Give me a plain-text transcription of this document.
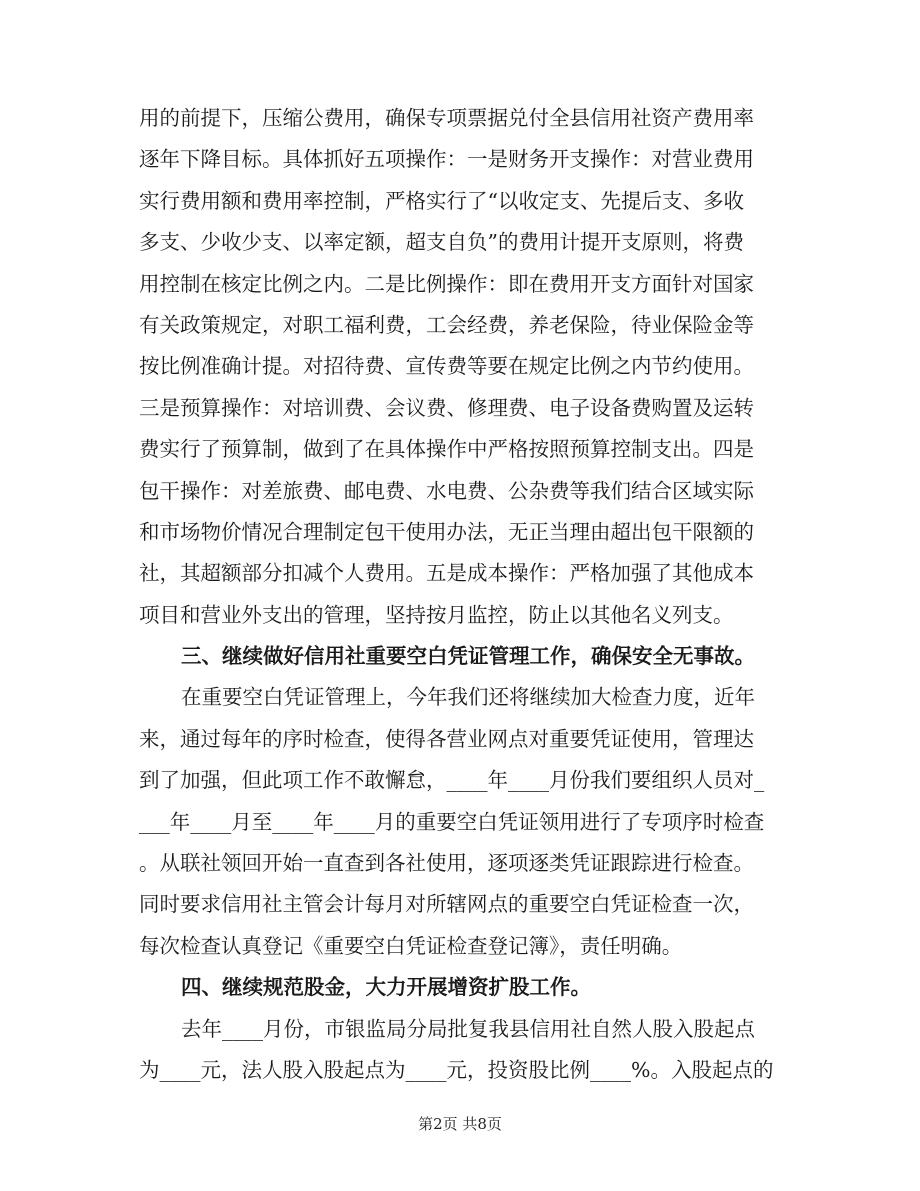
用的前提下，压缩公费用，确保专项票据兑付全县信用社资产费用率
逐年下降目标。具体抓好五项操作：一是财务开支操作：对营业费用
实行费用额和费用率控制，严格实行了“以收定支、先提后支、多收
多支、少收少支、以率定额，超支自负”的费用计提开支原则，将费
用控制在核定比例之内。二是比例操作：即在费用开支方面针对国家
有关政策规定，对职工福利费，工会经费，养老保险，待业保险金等
按比例准确计提。对招待费、宣传费等要在规定比例之内节约使用。
三是预算操作：对培训费、会议费、修理费、电子设备费购置及运转
费实行了预算制，做到了在具体操作中严格按照预算控制支出。四是
包干操作：对差旅费、邮电费、水电费、公杂费等我们结合区域实际
和市场物价情况合理制定包干使用办法，无正当理由超出包干限额的
社，其超额部分扣减个人费用。五是成本操作：严格加强了其他成本
项目和营业外支出的管理，坚持按月监控，防止以其他名义列支。
三、继续做好信用社重要空白凭证管理工作，确保安全无事故。
在重要空白凭证管理上，今年我们还将继续加大检查力度，近年
来，通过每年的序时检查，使得各营业网点对重要凭证使用，管理达
到了加强，但此项工作不敢懈怠，____年____月份我们要组织人员对_
___年____月至____年____月的重要空白凭证领用进行了专项序时检查
。从联社领回开始一直查到各社使用，逐项逐类凭证跟踪进行检查。
同时要求信用社主管会计每月对所辖网点的重要空白凭证检查一次，
每次检查认真登记《重要空白凭证检查登记簿》，责任明确。
四、继续规范股金，大力开展增资扩股工作。
去年____月份，市银监局分局批复我县信用社自然人股入股起点
为____元，法人股入股起点为____元，投资股比例____%。入股起点的
第2页 共8页
